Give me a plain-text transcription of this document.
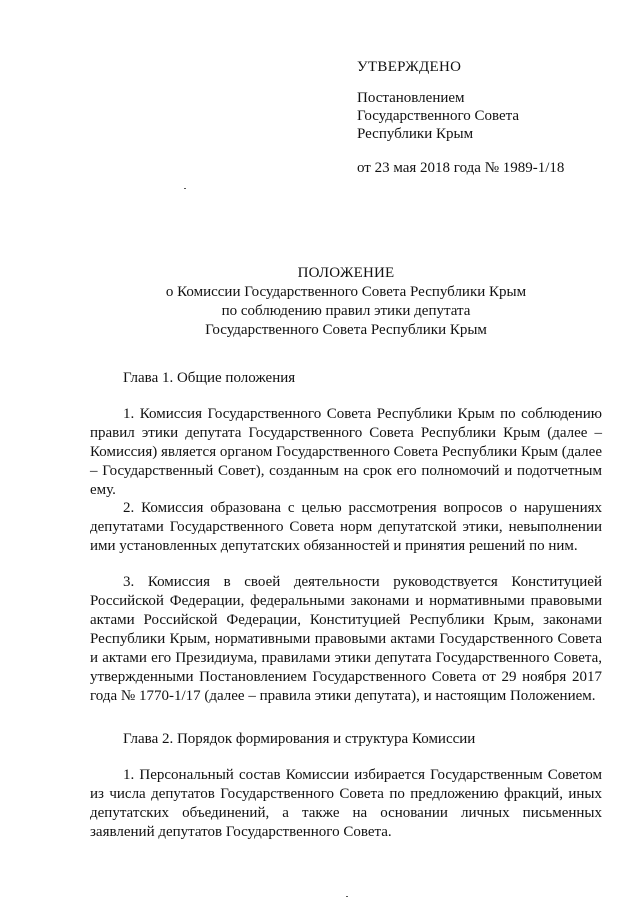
УТВЕРЖДЕНО
Постановлением
Государственного Совета
Республики Крым
от 23 мая 2018 года № 1989-1/18
ПОЛОЖЕНИЕ
о Комиссии Государственного Совета Республики Крым
по соблюдению правил этики депутата
Государственного Совета Республики Крым
Глава 1. Общие положения

1. Комиссия Государственного Совета Республики Крым по соблюдению правил этики депутата Государственного Совета Республики Крым (далее – Комиссия) является органом Государственного Совета Республики Крым (далее – Государственный Совет), созданным на срок его полномочий и подотчетным ему.

2. Комиссия образована с целью рассмотрения вопросов о нарушениях депутатами Государственного Совета норм депутатской этики, невыполнении ими установленных депутатских обязанностей и принятия решений по ним.

3. Комиссия в своей деятельности руководствуется Конституцией Российской Федерации, федеральными законами и нормативными правовыми актами Российской Федерации, Конституцией Республики Крым, законами Республики Крым, нормативными правовыми актами Государственного Совета и актами его Президиума, правилами этики депутата Государственного Совета, утвержденными Постановлением Государственного Совета от 29 ноября 2017 года № 1770-1/17 (далее – правила этики депутата), и настоящим Положением.

Глава 2. Порядок формирования и структура Комиссии

1. Персональный состав Комиссии избирается Государственным Советом из числа депутатов Государственного Совета по предложению фракций, иных депутатских объединений, а также на основании личных письменных заявлений депутатов Государственного Совета.
